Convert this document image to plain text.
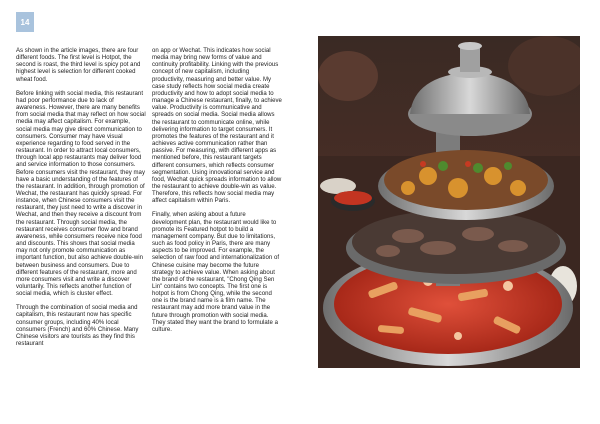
14

As shown in the article images, there are four different foods. The first level is Hotpot, the second is roast, the third level is spicy pot and highest level is selection for different cooked wheat food.

Before linking with social media, this restaurant had poor performance due to lack of awareness. However, there are many benefits from social media that may reflect on how social media may affect capitalism. For example, social media may give direct communication to consumers. Consumer may have visual experience regarding to food served in the restaurant. In order to attract local consumers, through local app restaurants may deliver food and service information to those consumers. Before consumers visit the restaurant, they may have a basic understanding of the features of the restaurant. In addition, through promotion of Wechat, the restaurant has quickly spread. For instance, when Chinese consumers visit the restaurant, they just need to write a discover in Wechat, and then they receive a discount from the restaurant. Through social media, the restaurant receives consumer flow and brand awareness, while consumers receive nice food and discounts. This shows that social media may not only promote communication as important function, but also achieve double-win between business and consumers. Due to different features of the restaurant, more and more consumers visit and write a discover voluntarily. This reflects another function of social media, which is cluster effect.

Through the combination of social media and capitalism, this restaurant now has specific consumer groups, including 40% local consumers (French) and 60% Chinese. Many Chinese visitors are tourists as they find this restaurant

on app or Wechat. This indicates how social media may bring new forms of value and continuity profitability. Linking with the previous concept of new capitalism, including productivity, measuring and better value. My case study reflects how social media create productivity and how to adopt social media to manage a Chinese restaurant, finally, to achieve value. Productivity is communicative and spreads on social media. Social media allows the restaurant to communicate online, while delivering information to target consumers. It promotes the features of the restaurant and it achieves active communication rather than passive. For measuring, with different apps as mentioned before, this restaurant targets different consumers, which reflects consumer segmentation. Using innovational service and food, Wechat quick spreads information to allow the restaurant to achieve double-win as value. Therefore, this reflects how social media may affect capitalism within Paris.

Finally, when asking about a future development plan, the restaurant would like to promote its Featured hotpot to build a management company. But due to limitations, such as food policy in Paris, there are many aspects to be improved. For example, the selection of raw food and internationalization of Chinese cuisine may become the future strategy to achieve value. When asking about the brand of the restaurant, "Chong Qing Sen Lin" contains two concepts. The first one is hotpot is from Chong Qing, while the second one is the brand name is a film name. The restaurant may add more brand value in the future through promotion with social media. They stated they want the brand to formulate a culture.
